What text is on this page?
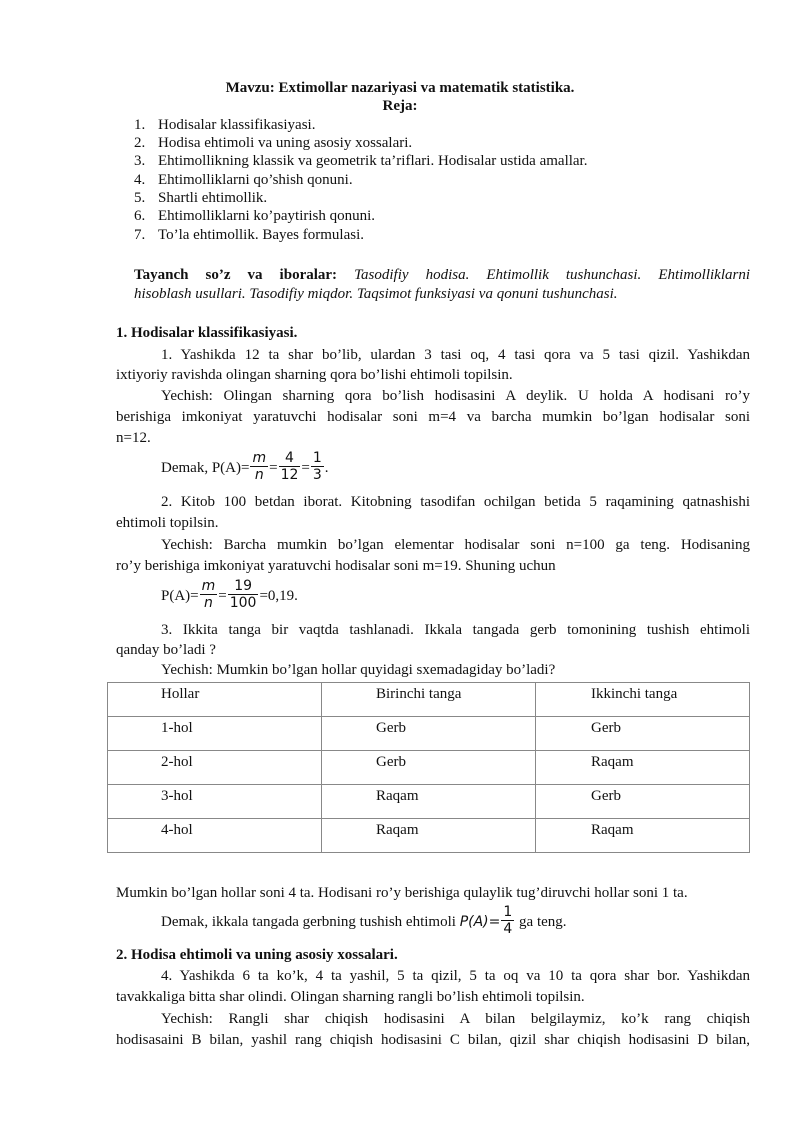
Mavzu: Extimollar nazariyasi va matematik statistika.
Reja:
1. Hodisalar klassifikasiyasi.
2. Hodisa ehtimoli va uning asosiy xossalari.
3. Ehtimollikning klassik va geometrik ta’riflari. Hodisalar ustida amallar.
4. Ehtimolliklarni qo’shish qonuni.
5. Shartli ehtimollik.
6. Ehtimolliklarni ko’paytirish qonuni.
7. To’la ehtimollik. Bayes formulasi.
Tayanch so’z va iboralar: Tasodifiy hodisa. Ehtimollik tushunchasi. Ehtimolliklarni
hisoblash usullari. Tasodifiy miqdor. Taqsimot funksiyasi va qonuni tushunchasi.
1. Hodisalar klassifikasiyasi.
1. Yashikda 12 ta shar bo’lib, ulardan 3 tasi oq, 4 tasi qora va 5 tasi qizil. Yashikdan
ixtiyoriy ravishda olingan sharning qora bo’lishi ehtimoli topilsin.
Yechish: Olingan sharning qora bo’lish hodisasini A deylik. U holda A hodisani ro’y
berishiga imkoniyat yaratuvchi hodisalar soni m=4 va barcha mumkin bo’lgan hodisalar soni
n=12.
Demak, $P(A)= \frac{m}{n} = \frac{4}{12} = \frac{1}{3}$ .
2. Kitob 100 betdan iborat. Kitobning tasodifan ochilgan betida 5 raqamining qatnashishi
ehtimoli topilsin.
Yechish: Barcha mumkin bo’lgan elementar hodisalar soni n=100 ga teng. Hodisaning
ro’y berishiga imkoniyat yaratuvchi hodisalar soni m=19. Shuning uchun
$P(A)= \frac{m}{n} = \frac{19}{100} =0,19$.
3. Ikkita tanga bir vaqtda tashlanadi. Ikkala tangada gerb tomonining tushish ehtimoli
qanday bo’ladi ?
Yechish: Mumkin bo’lgan hollar quyidagi sxemadagiday bo’ladi?
Hollar	Birinchi tanga	Ikkinchi tanga
1-hol	Gerb	Gerb
2-hol	Gerb	Raqam
3-hol	Raqam	Gerb
4-hol	Raqam	Raqam
Mumkin bo’lgan hollar soni 4 ta. Hodisani ro’y berishiga qulaylik tug’diruvchi hollar soni 1 ta.
Demak, ikkala tangada gerbning tushish ehtimoli $P(A)= \frac{1}{4}$ ga teng.
2. Hodisa ehtimoli va uning asosiy xossalari.
4. Yashikda 6 ta ko’k, 4 ta yashil, 5 ta qizil, 5 ta oq va 10 ta qora shar bor. Yashikdan
tavakkaliga bitta shar olindi. Olingan sharning rangli bo’lish ehtimoli topilsin.
Yechish: Rangli shar chiqish hodisasini A bilan belgilaymiz, ko’k rang chiqish
hodisasaini B bilan, yashil rang chiqish hodisasini C bilan, qizil shar chiqish hodisasini D bilan,
